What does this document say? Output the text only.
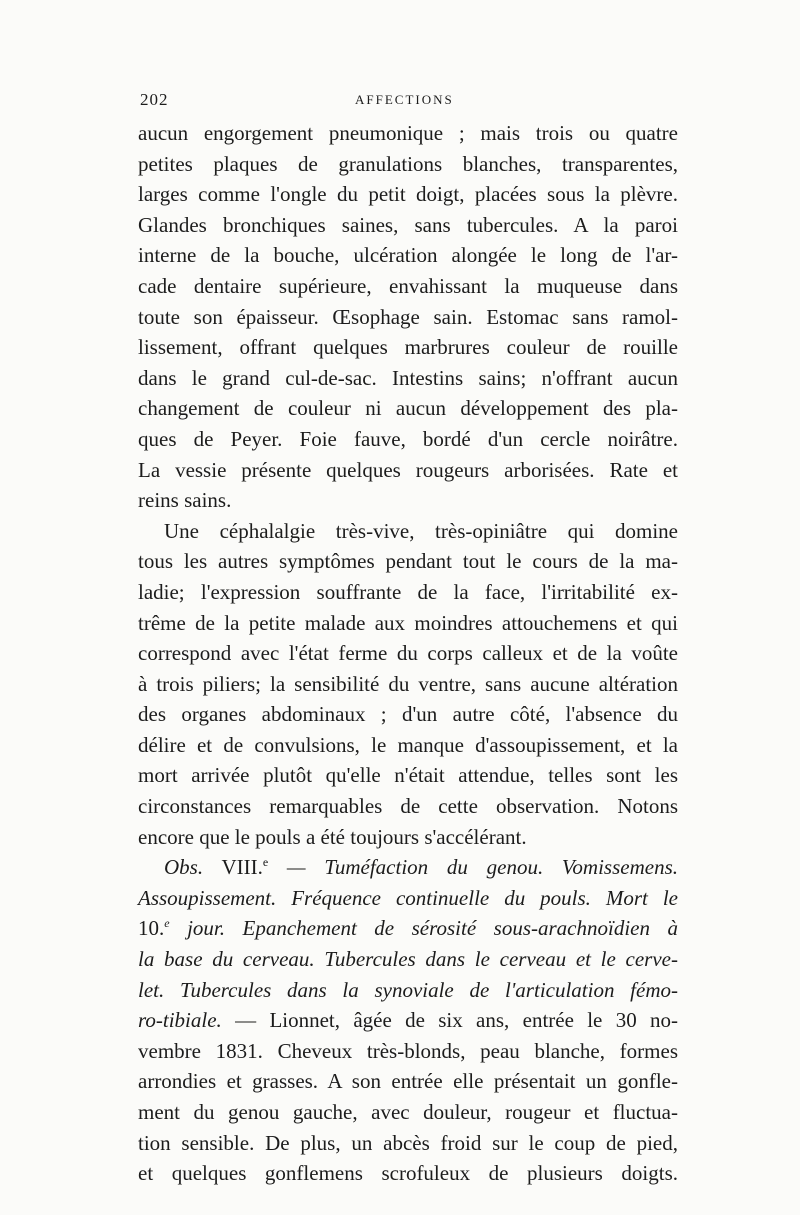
202	AFFECTIONS
aucun engorgement pneumonique ; mais trois ou quatre
petites plaques de granulations blanches, transparentes,
larges comme l'ongle du petit doigt, placées sous la plèvre.
Glandes bronchiques saines, sans tubercules. A la paroi
interne de la bouche, ulcération alongée le long de l'ar-
cade dentaire supérieure, envahissant la muqueuse dans
toute son épaisseur. Œsophage sain. Estomac sans ramol-
lissement, offrant quelques marbrures couleur de rouille
dans le grand cul-de-sac. Intestins sains; n'offrant aucun
changement de couleur ni aucun développement des pla-
ques de Peyer. Foie fauve, bordé d'un cercle noirâtre.
La vessie présente quelques rougeurs arborisées. Rate et
reins sains.
Une céphalalgie très-vive, très-opiniâtre qui domine
tous les autres symptômes pendant tout le cours de la ma-
ladie; l'expression souffrante de la face, l'irritabilité ex-
trême de la petite malade aux moindres attouchemens et qui
correspond avec l'état ferme du corps calleux et de la voûte
à trois piliers; la sensibilité du ventre, sans aucune altération
des organes abdominaux ; d'un autre côté, l'absence du
délire et de convulsions, le manque d'assoupissement, et la
mort arrivée plutôt qu'elle n'était attendue, telles sont les
circonstances remarquables de cette observation. Notons
encore que le pouls a été toujours s'accélérant.
Obs. VIII.$^e$ — Tuméfaction du genou. Vomissemens.
Assoupissement. Fréquence continuelle du pouls. Mort le
10.$^e$ jour. Epanchement de sérosité sous-arachnoïdien à
la base du cerveau. Tubercules dans le cerveau et le cerve-
let. Tubercules dans la synoviale de l'articulation fémo-
ro-tibiale. — Lionnet, âgée de six ans, entrée le 30 no-
vembre 1831. Cheveux très-blonds, peau blanche, formes
arrondies et grasses. A son entrée elle présentait un gonfle-
ment du genou gauche, avec douleur, rougeur et fluctua-
tion sensible. De plus, un abcès froid sur le coup de pied,
et quelques gonflemens scrofuleux de plusieurs doigts.
